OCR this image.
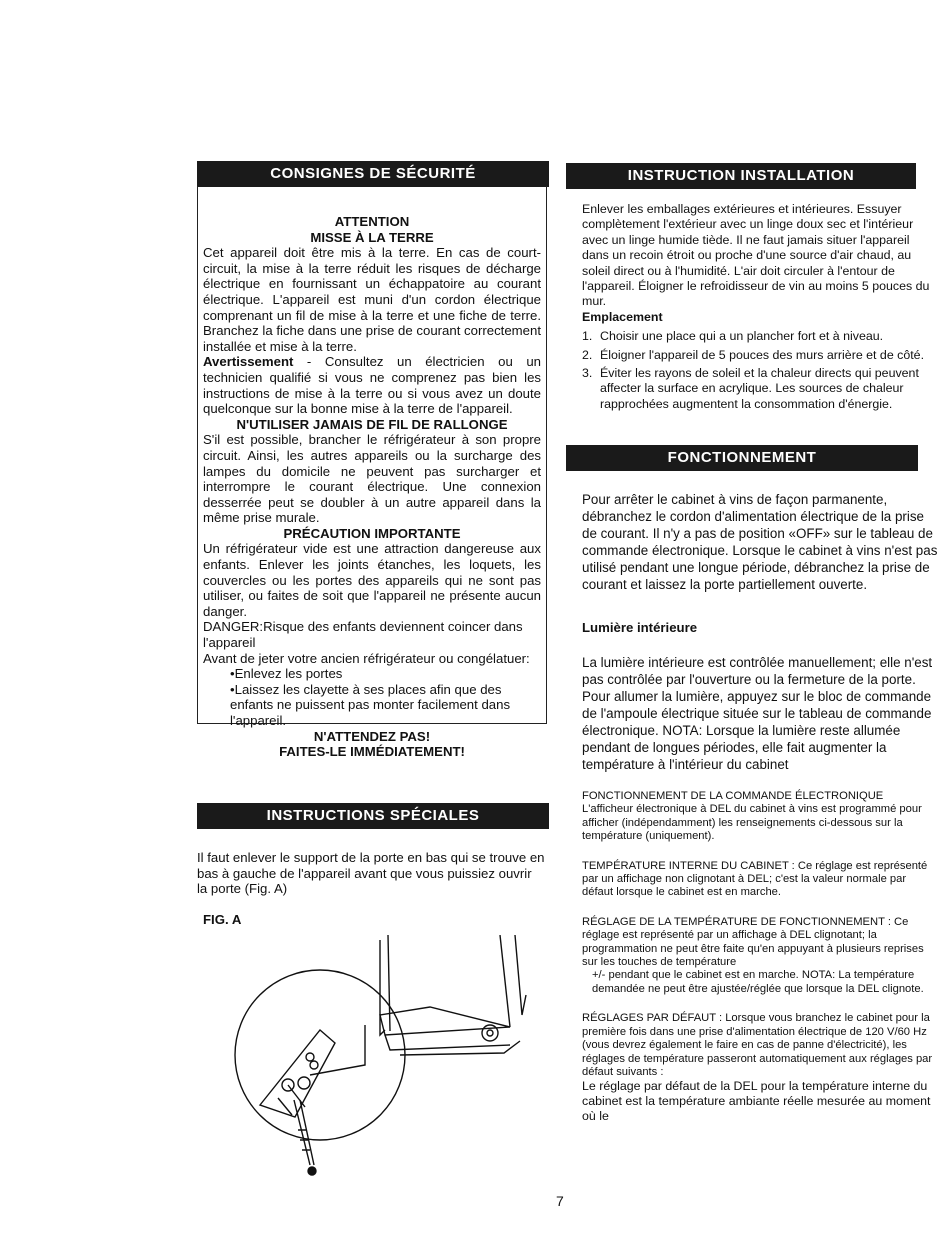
CONSIGNES DE SÉCURITÉ
ATTENTION
MISSE À LA TERRE
Cet appareil doit être mis à la terre. En cas de court-circuit, la mise à la terre réduit les risques de décharge électrique en fournissant un échappatoire au courant électrique. L'appareil est muni d'un cordon électrique comprenant un fil de mise à la terre et une fiche de terre. Branchez la fiche dans une prise de courant correctement installée et mise à la terre.
Avertissement - Consultez un électricien ou un technicien qualifié si vous ne comprenez pas bien les instructions de mise à la terre ou si vous avez un doute quelconque sur la bonne mise à la terre de l'appareil.
N'UTILISER JAMAIS DE FIL DE RALLONGE
S'il est possible, brancher le réfrigérateur à son propre circuit. Ainsi, les autres appareils ou la surcharge des lampes du domicile ne peuvent pas surcharger et interrompre le courant électrique. Une connexion desserrée peut se doubler à un autre appareil dans la même prise murale.
PRÉCAUTION IMPORTANTE
Un réfrigérateur vide est une attraction dangereuse aux enfants. Enlever les joints étanches, les loquets, les couvercles ou les portes des appareils qui ne sont pas utiliser, ou faites de soit que l'appareil ne présente aucun danger.
DANGER:Risque des enfants deviennent coincer dans l'appareil
Avant de jeter votre ancien réfrigérateur ou congélatuer:
•Enlevez les portes
•Laissez les clayette à ses places afin que des enfants ne puissent pas monter facilement dans l'appareil.
N'ATTENDEZ PAS!
FAITES-LE IMMÉDIATEMENT!
INSTRUCTIONS SPÉCIALES
Il faut enlever le support de la porte en bas qui se trouve en bas à gauche de l'appareil avant que vous puissiez ouvrir la porte (Fig. A)
FIG. A
INSTRUCTION INSTALLATION
Enlever les emballages extérieures et intérieures. Essuyer complètement l'extérieur avec un linge doux sec et l'intérieur avec un linge humide tiède. Il ne faut jamais situer l'appareil dans un recoin étroit ou proche d'une source d'air chaud, au soleil direct ou à l'humidité. L'air doit circuler à l'entour de l'appareil. Éloigner le refroidisseur de vin au moins 5 pouces du mur.
Emplacement
1. Choisir une place qui a un plancher fort et à niveau.
2. Éloigner l'appareil de 5 pouces des murs arrière et de côté.
3. Éviter les rayons de soleil et la chaleur directs qui peuvent affecter la surface en acrylique. Les sources de chaleur rapprochées augmentent la consommation d'énergie.
FONCTIONNEMENT
Pour arrêter le cabinet à vins de façon parmanente, débranchez le cordon d'alimentation électrique de la prise de courant. Il n'y a pas de position «OFF» sur le tableau de commande électronique. Lorsque le cabinet à vins n'est pas utilisé pendant une longue période, débranchez la prise de courant et laissez la porte partiellement ouverte.
Lumière intérieure
La lumière intérieure est contrôlée manuellement; elle n'est pas contrôlée par l'ouverture ou la fermeture de la porte. Pour allumer la lumière, appuyez sur le bloc de commande de l'ampoule électrique située sur le tableau de commande électronique. NOTA: Lorsque la lumière reste allumée pendant de longues périodes, elle fait augmenter la température à l'intérieur du cabinet
FONCTIONNEMENT DE LA COMMANDE ÉLECTRONIQUE
L'afficheur électronique à DEL du cabinet à vins est programmé pour afficher (indépendamment) les renseignements ci-dessous sur la température (uniquement).
TEMPÉRATURE INTERNE DU CABINET : Ce réglage est représenté par un affichage non clignotant à DEL; c'est la valeur normale par défaut lorsque le cabinet est en marche.
RÉGLAGE DE LA TEMPÉRATURE DE FONCTIONNEMENT : Ce réglage est représenté par un affichage à DEL clignotant; la programmation ne peut être faite qu'en appuyant à plusieurs reprises sur les touches de température
+/- pendant que le cabinet est en marche. NOTA: La température demandée ne peut être ajustée/réglée que lorsque la DEL clignote.
RÉGLAGES PAR DÉFAUT : Lorsque vous branchez le cabinet pour la première fois dans une prise d'alimentation électrique de 120 V/60 Hz (vous devrez également le faire en cas de panne d'électricité), les réglages de température passeront automatiquement aux réglages par défaut suivants :
Le réglage par défaut de la DEL pour la température interne du cabinet est la température ambiante réelle mesurée au moment où le
7
